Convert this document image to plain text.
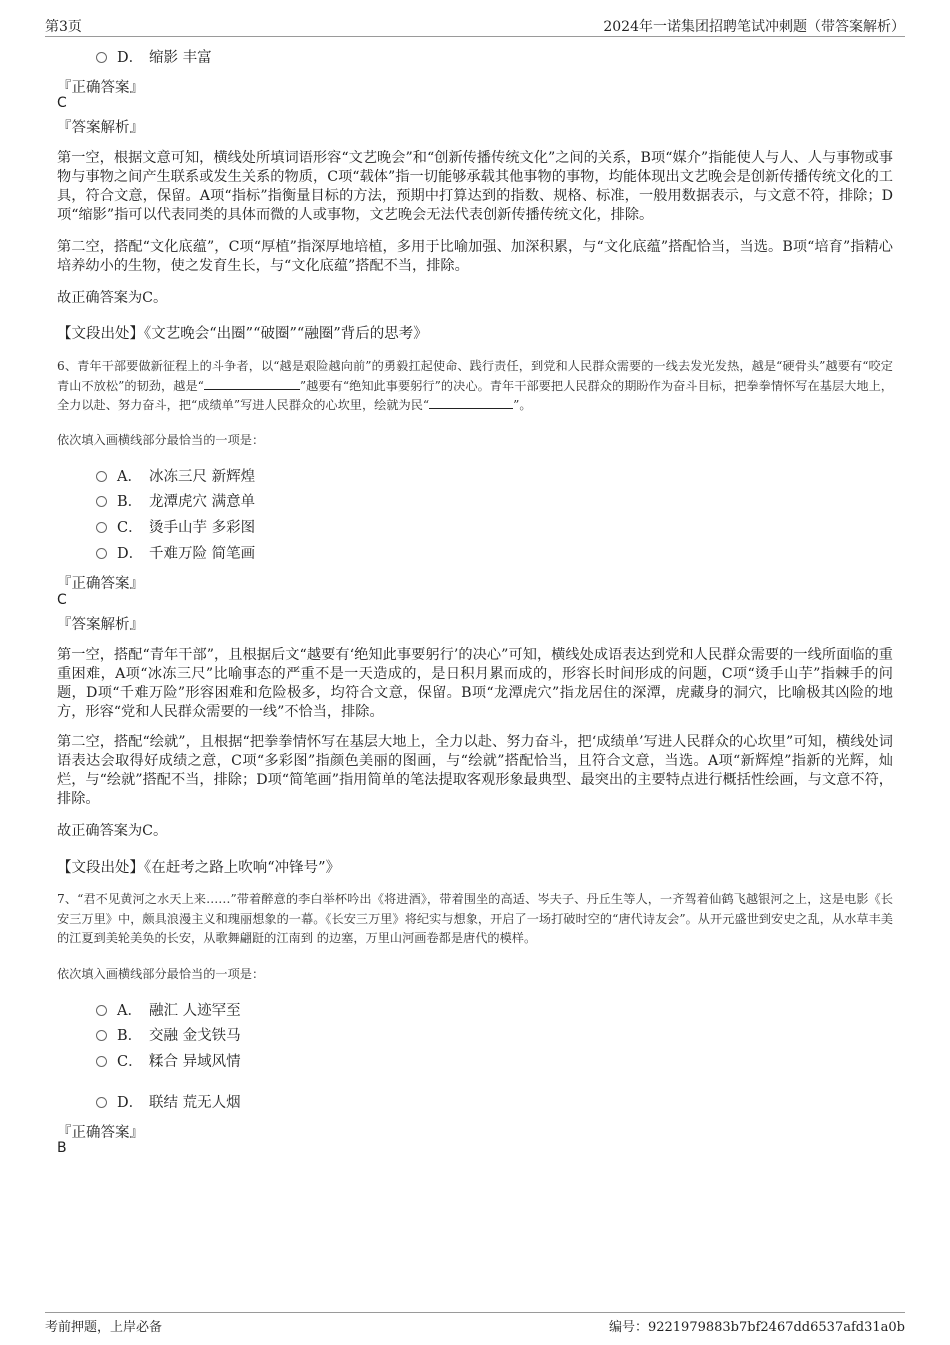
第3页	2024年一诺集团招聘笔试冲刺题（带答案解析）
D． 缩影 丰富
『正确答案』
C
『答案解析』
第一空，根据文意可知，横线处所填词语形容“文艺晚会”和“创新传播传统文化”之间的关系，B项“媒介”指能使人与人、人与事物或事物与事物之间产生联系或发生关系的物质，C项“载体”指一切能够承载其他事物的事物，均能体现出文艺晚会是创新传播传统文化的工具，符合文意，保留。A项“指标”指衡量目标的方法，预期中打算达到的指数、规格、标准，一般用数据表示，与文意不符，排除；D项“缩影”指可以代表同类的具体而微的人或事物，文艺晚会无法代表创新传播传统文化，排除。
第二空，搭配“文化底蕴”，C项“厚植”指深厚地培植，多用于比喻加强、加深积累，与“文化底蕴”搭配恰当，当选。B项“培育”指精心培养幼小的生物，使之发育生长，与“文化底蕴”搭配不当，排除。
故正确答案为C。
【文段出处】《文艺晚会“出圈”“破圈”“融圈”背后的思考》
6、青年干部要做新征程上的斗争者，以“越是艰险越向前”的勇毅扛起使命、践行责任，到党和人民群众需要的一线去发光发热，越是“硬骨头”越要有“咬定青山不放松”的韧劲，越是“	”越要有“绝知此事要躬行”的决心。青年干部要把人民群众的期盼作为奋斗目标，把拳拳情怀写在基层大地上，全力以赴、努力奋斗，把“成绩单”写进人民群众的心坎里，绘就为民“	”。
依次填入画横线部分最恰当的一项是：
A． 冰冻三尺 新辉煌
B． 龙潭虎穴 满意单
C． 烫手山芋 多彩图
D． 千难万险 简笔画
『正确答案』
C
『答案解析』
第一空，搭配“青年干部”，且根据后文“越要有‘绝知此事要躬行’的决心”可知，横线处成语表达到党和人民群众需要的一线所面临的重重困难，A项“冰冻三尺”比喻事态的严重不是一天造成的，是日积月累而成的，形容长时间形成的问题，C项“烫手山芋”指棘手的问题，D项“千难万险”形容困难和危险极多，均符合文意，保留。B项“龙潭虎穴”指龙居住的深潭，虎藏身的洞穴，比喻极其凶险的地方，形容“党和人民群众需要的一线”不恰当，排除。
第二空，搭配“绘就”，且根据“把拳拳情怀写在基层大地上，全力以赴、努力奋斗，把‘成绩单’写进人民群众的心坎里”可知，横线处词语表达会取得好成绩之意，C项“多彩图”指颜色美丽的图画，与“绘就”搭配恰当，且符合文意，当选。A项“新辉煌”指新的光辉，灿烂，与“绘就”搭配不当，排除；D项“简笔画”指用简单的笔法提取客观形象最典型、最突出的主要特点进行概括性绘画，与文意不符，排除。
故正确答案为C。
【文段出处】《在赶考之路上吹响“冲锋号”》
7、“君不见黄河之水天上来……”带着醉意的李白举杯吟出《将进酒》，带着围坐的高适、岑夫子、丹丘生等人，一齐驾着仙鹤飞越银河之上，这是电影《长安三万里》中，颇具浪漫主义和瑰丽想象的一幕。《长安三万里》将纪实与想象，开启了一场打破时空的“唐代诗友会”。从开元盛世到安史之乱，从水草丰美的江夏到美轮美奂的长安，从歌舞翩跹的江南到 的边塞，万里山河画卷都是唐代的模样。
依次填入画横线部分最恰当的一项是：
A． 融汇 人迹罕至
B． 交融 金戈铁马
C． 糅合 异域风情
D． 联结 荒无人烟
『正确答案』
B
考前押题，上岸必备	编号：9221979883b7bf2467dd6537afd31a0b
